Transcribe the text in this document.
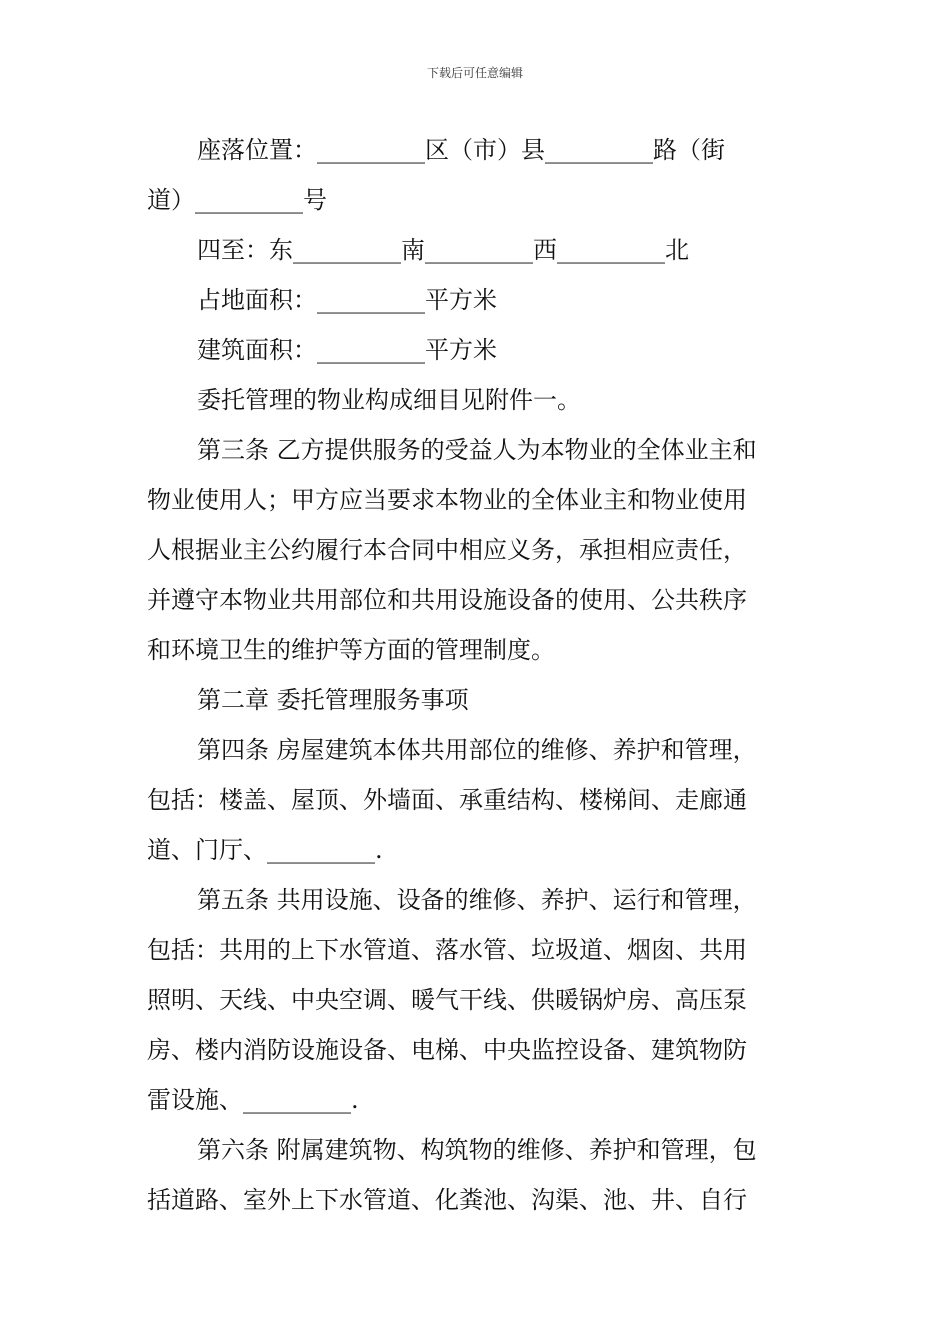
下载后可任意编辑
座落位置：_________区（市）县_________路（街
道）_________号
四至：东_________南_________西_________北
占地面积：_________平方米
建筑面积：_________平方米
委托管理的物业构成细目见附件一。
第三条 乙方提供服务的受益人为本物业的全体业主和
物业使用人；甲方应当要求本物业的全体业主和物业使用
人根据业主公约履行本合同中相应义务，承担相应责任，
并遵守本物业共用部位和共用设施设备的使用、公共秩序
和环境卫生的维护等方面的管理制度。
第二章 委托管理服务事项
第四条 房屋建筑本体共用部位的维修、养护和管理，
包括：楼盖、屋顶、外墙面、承重结构、楼梯间、走廊通
道、门厅、_________.
第五条 共用设施、设备的维修、养护、运行和管理，
包括：共用的上下水管道、落水管、垃圾道、烟囱、共用
照明、天线、中央空调、暖气干线、供暖锅炉房、高压泵
房、楼内消防设施设备、电梯、中央监控设备、建筑物防
雷设施、_________.
第六条 附属建筑物、构筑物的维修、养护和管理，包
括道路、室外上下水管道、化粪池、沟渠、池、井、自行
